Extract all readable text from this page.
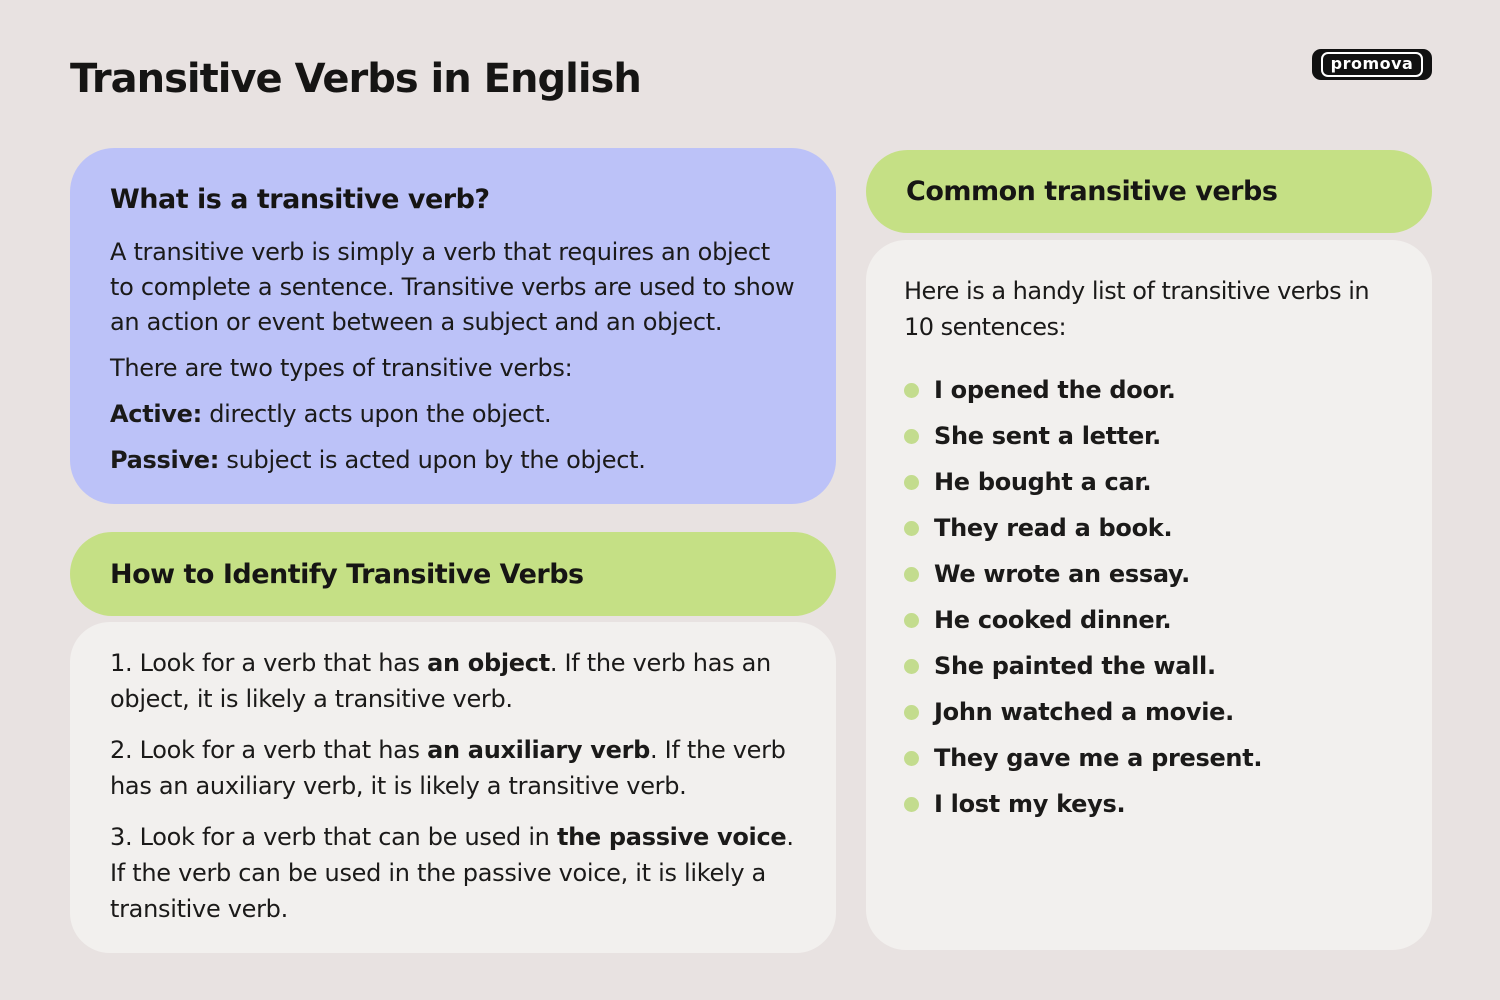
Transitive Verbs in English	promova
What is a transitive verb?

A transitive verb is simply a verb that requires an object to complete a sentence. Transitive verbs are used to show an action or event between a subject and an object.

There are two types of transitive verbs:

Active: directly acts upon the object.

Passive: subject is acted upon by the object.

How to Identify Transitive Verbs

1. Look for a verb that has an object. If the verb has an object, it is likely a transitive verb.

2. Look for a verb that has an auxiliary verb. If the verb has an auxiliary verb, it is likely a transitive verb.

3. Look for a verb that can be used in the passive voice. If the verb can be used in the passive voice, it is likely a transitive verb.

Common transitive verbs

Here is a handy list of transitive verbs in 10 sentences:

I opened the door.
She sent a letter.
He bought a car.
They read a book.
We wrote an essay.
He cooked dinner.
She painted the wall.
John watched a movie.
They gave me a present.
I lost my keys.
